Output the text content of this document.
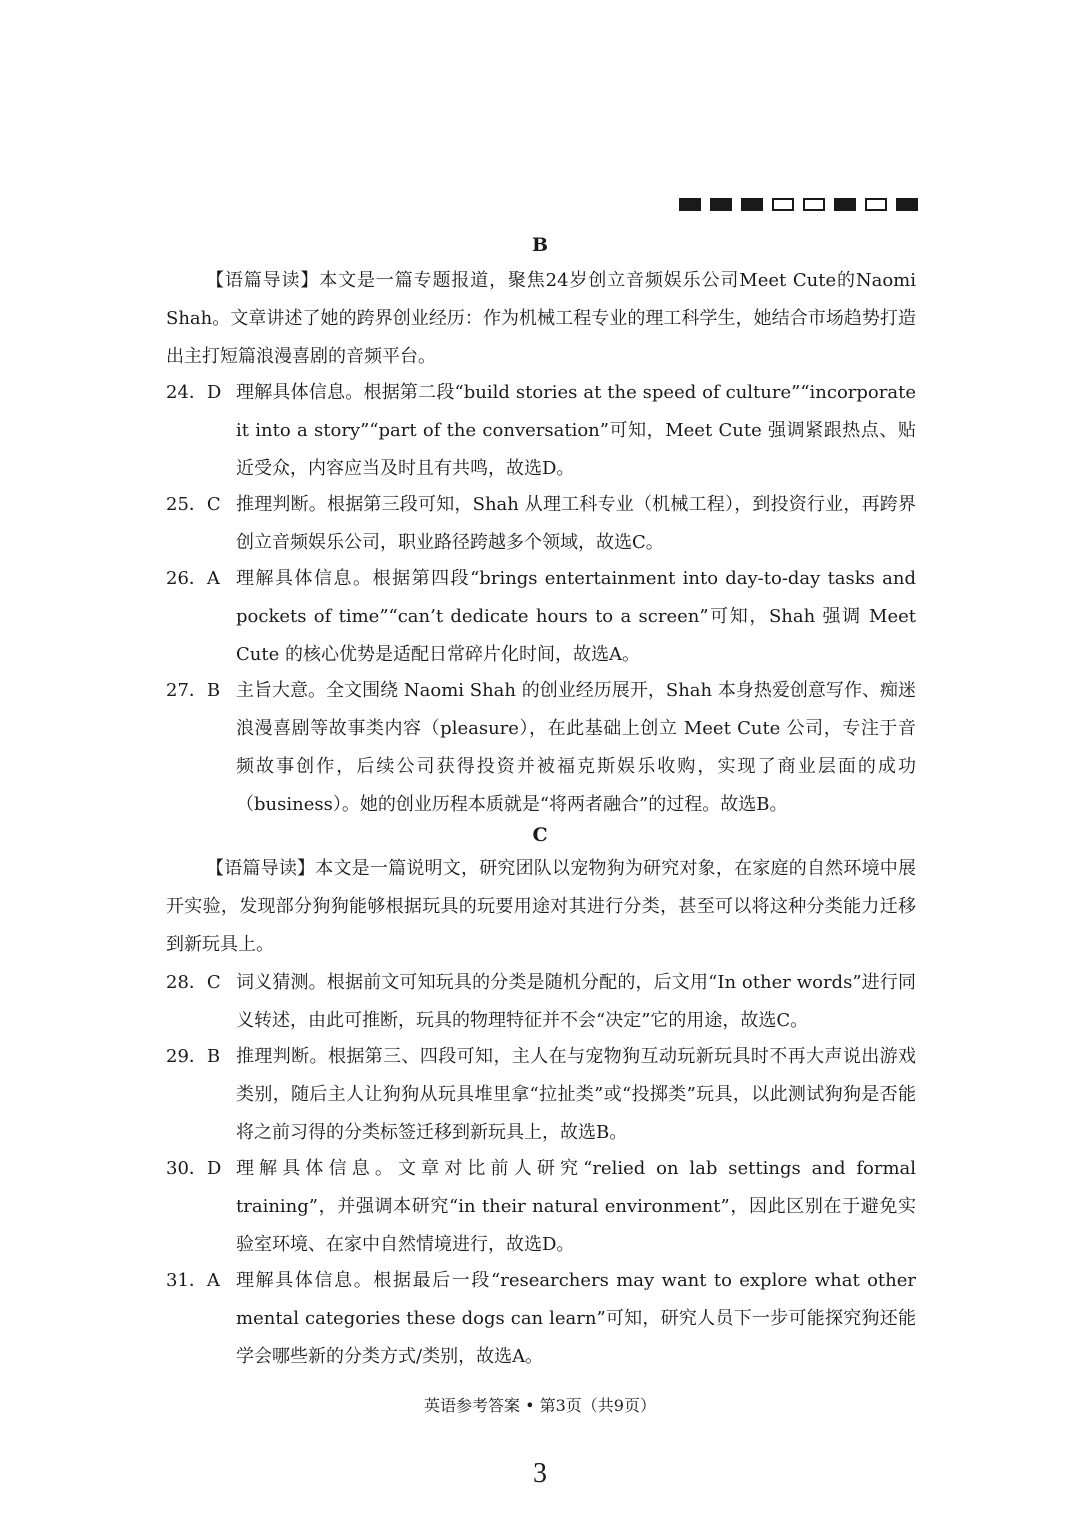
B
【语篇导读】本文是一篇专题报道，聚焦24岁创立音频娱乐公司Meet Cute的Naomi Shah。文章讲述了她的跨界创业经历：作为机械工程专业的理工科学生，她结合市场趋势打造出主打短篇浪漫喜剧的音频平台。
24．D 理解具体信息。根据第二段“build stories at the speed of culture”“incorporate it into a story”“part of the conversation”可知，Meet Cute 强调紧跟热点、贴近受众，内容应当及时且有共鸣，故选D。
25．C 推理判断。根据第三段可知，Shah 从理工科专业（机械工程），到投资行业，再跨界创立音频娱乐公司，职业路径跨越多个领域，故选C。
26．A 理解具体信息。根据第四段“brings entertainment into day-to-day tasks and pockets of time”“can’t dedicate hours to a screen”可知，Shah 强调 Meet Cute 的核心优势是适配日常碎片化时间，故选A。
27．B 主旨大意。全文围绕 Naomi Shah 的创业经历展开，Shah 本身热爱创意写作、痴迷浪漫喜剧等故事类内容（pleasure），在此基础上创立 Meet Cute 公司，专注于音频故事创作，后续公司获得投资并被福克斯娱乐收购，实现了商业层面的成功（business）。她的创业历程本质就是“将两者融合”的过程。故选B。
C
【语篇导读】本文是一篇说明文，研究团队以宠物狗为研究对象，在家庭的自然环境中展开实验，发现部分狗狗能够根据玩具的玩要用途对其进行分类，甚至可以将这种分类能力迁移到新玩具上。
28．C 词义猜测。根据前文可知玩具的分类是随机分配的，后文用“In other words”进行同义转述，由此可推断，玩具的物理特征并不会“决定”它的用途，故选C。
29．B 推理判断。根据第三、四段可知，主人在与宠物狗互动玩新玩具时不再大声说出游戏类别，随后主人让狗狗从玩具堆里拿“拉扯类”或“投掷类”玩具，以此测试狗狗是否能将之前习得的分类标签迁移到新玩具上，故选B。
30．D 理解具体信息。文章对比前人研究“relied on lab settings and formal training”，并强调本研究“in their natural environment”，因此区别在于避免实验室环境、在家中自然情境进行，故选D。
31．A 理解具体信息。根据最后一段“researchers may want to explore what other mental categories these dogs can learn”可知，研究人员下一步可能探究狗还能学会哪些新的分类方式/类别，故选A。
英语参考答案 • 第3页（共9页）
3
